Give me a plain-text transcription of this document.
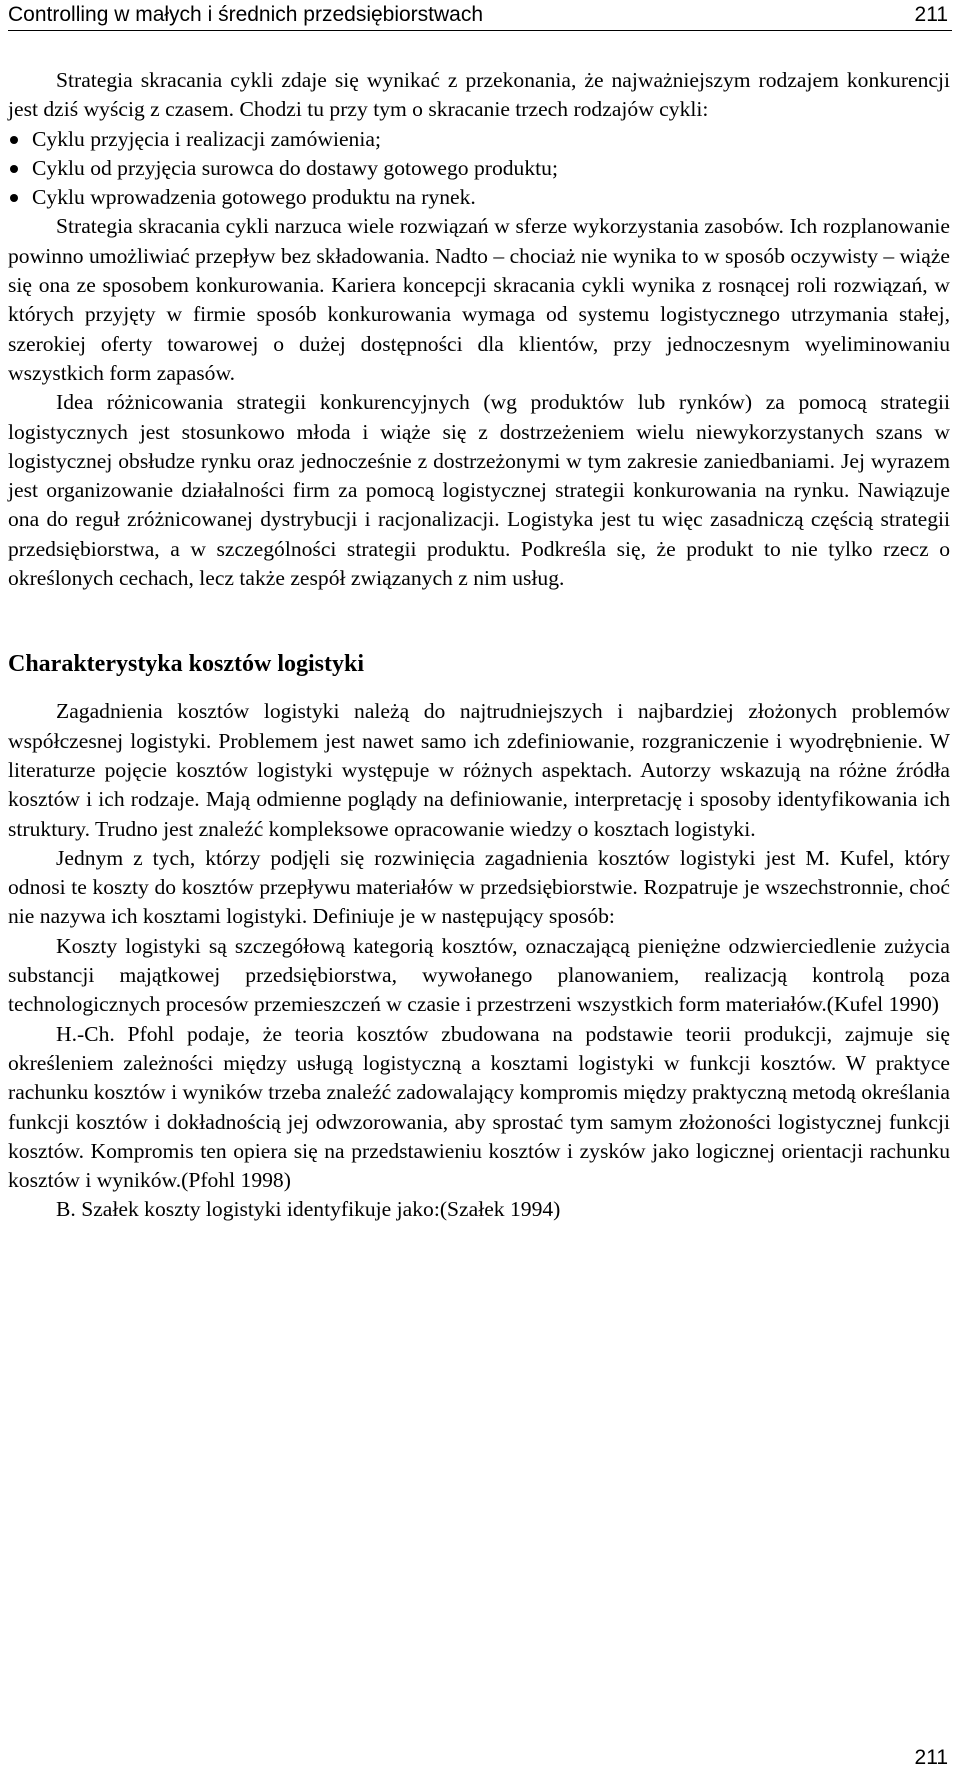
Controlling w małych i średnich przedsiębiorstwach	211

Strategia skracania cykli zdaje się wynikać z przekonania, że najważniejszym rodzajem konkurencji jest dziś wyścig z czasem. Chodzi tu przy tym o skracanie trzech rodzajów cykli:

Cyklu przyjęcia i realizacji zamówienia;
Cyklu od przyjęcia surowca do dostawy gotowego produktu;
Cyklu wprowadzenia gotowego produktu na rynek.

Strategia skracania cykli narzuca wiele rozwiązań w sferze wykorzystania zasobów. Ich rozplanowanie powinno umożliwiać przepływ bez składowania. Nadto – chociaż nie wynika to w sposób oczywisty – wiąże się ona ze sposobem konkurowania. Kariera koncepcji skracania cykli wynika z rosnącej roli rozwiązań, w których przyjęty w firmie sposób konkurowania wymaga od systemu logistycznego utrzymania stałej, szerokiej oferty towarowej o dużej dostępności dla klientów, przy jednoczesnym wyeliminowaniu wszystkich form zapasów.

Idea różnicowania strategii konkurencyjnych (wg produktów lub rynków) za pomocą strategii logistycznych jest stosunkowo młoda i wiąże się z dostrzeżeniem wielu niewykorzystanych szans w logistycznej obsłudze rynku oraz jednocześnie z dostrzeżonymi w tym zakresie zaniedbaniami. Jej wyrazem jest organizowanie działalności firm za pomocą logistycznej strategii konkurowania na rynku. Nawiązuje ona do reguł zróżnicowanej dystrybucji i racjonalizacji. Logistyka jest tu więc zasadniczą częścią strategii przedsiębiorstwa, a w szczególności strategii produktu. Podkreśla się, że produkt to nie tylko rzecz o określonych cechach, lecz także zespół związanych z nim usług.

Charakterystyka kosztów logistyki

Zagadnienia kosztów logistyki należą do najtrudniejszych i najbardziej złożonych problemów współczesnej logistyki. Problemem jest nawet samo ich zdefiniowanie, rozgraniczenie i wyodrębnienie. W literaturze pojęcie kosztów logistyki występuje w różnych aspektach. Autorzy wskazują na różne źródła kosztów i ich rodzaje. Mają odmienne poglądy na definiowanie, interpretację i sposoby identyfikowania ich struktury. Trudno jest znaleźć kompleksowe opracowanie wiedzy o kosztach logistyki.

Jednym z tych, którzy podjęli się rozwinięcia zagadnienia kosztów logistyki jest M. Kufel, który odnosi te koszty do kosztów przepływu materiałów w przedsiębiorstwie. Rozpatruje je wszechstronnie, choć nie nazywa ich kosztami logistyki. Definiuje je w następujący sposób:

Koszty logistyki są szczegółową kategorią kosztów, oznaczającą pieniężne odzwierciedlenie zużycia substancji majątkowej przedsiębiorstwa, wywołanego planowaniem, realizacją kontrolą poza technologicznych procesów przemieszczeń w czasie i przestrzeni wszystkich form materiałów.(Kufel 1990)

H.-Ch. Pfohl podaje, że teoria kosztów zbudowana na podstawie teorii produkcji, zajmuje się określeniem zależności między usługą logistyczną a kosztami logistyki w funkcji kosztów. W praktyce rachunku kosztów i wyników trzeba znaleźć zadowalający kompromis między praktyczną metodą określania funkcji kosztów i dokładnością jej odwzorowania, aby sprostać tym samym złożoności logistycznej funkcji kosztów. Kompromis ten opiera się na przedstawieniu kosztów i zysków jako logicznej orientacji rachunku kosztów i wyników.(Pfohl 1998)

B. Szałek koszty logistyki identyfikuje jako:(Szałek 1994)

211
